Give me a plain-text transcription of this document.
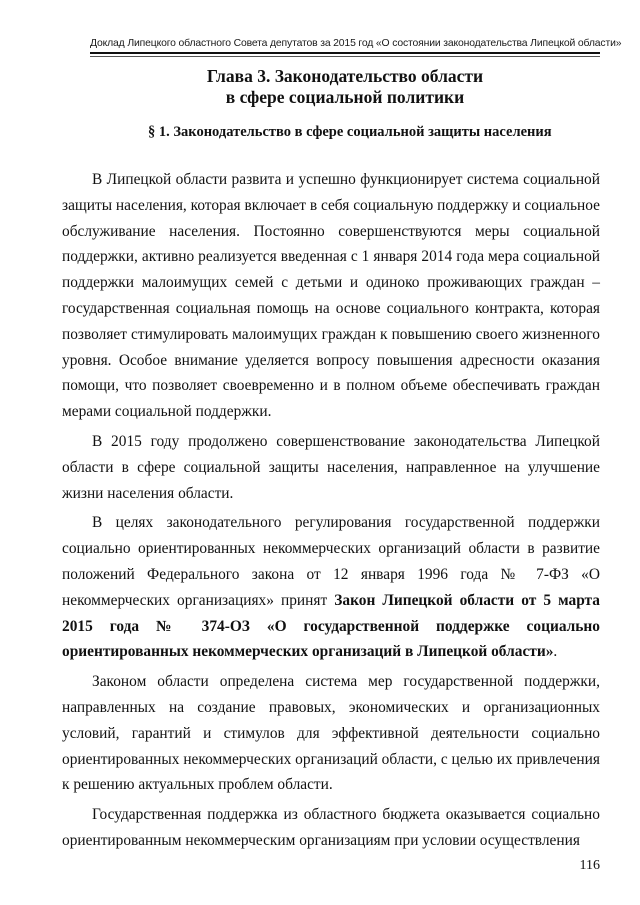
Доклад Липецкого областного Совета депутатов за 2015 год «О состоянии законодательства Липецкой области»
Глава 3. Законодательство области
в сфере социальной политики
§ 1. Законодательство в сфере социальной защиты населения

В Липецкой области развита и успешно функционирует система социальной защиты населения, которая включает в себя социальную поддержку и социальное обслуживание населения. Постоянно совершенствуются меры социальной поддержки, активно реализуется введенная с 1 января 2014 года мера социальной поддержки малоимущих семей с детьми и одиноко проживающих граждан – государственная социальная помощь на основе социального контракта, которая позволяет стимулировать малоимущих граждан к повышению своего жизненного уровня. Особое внимание уделяется вопросу повышения адресности оказания помощи, что позволяет своевременно и в полном объеме обеспечивать граждан мерами социальной поддержки.

В 2015 году продолжено совершенствование законодательства Липецкой области в сфере социальной защиты населения, направленное на улучшение жизни населения области.

В целях законодательного регулирования государственной поддержки социально ориентированных некоммерческих организаций области в развитие положений Федерального закона от 12 января 1996 года № 7-ФЗ «О некоммерческих организациях» принят Закон Липецкой области от 5 марта 2015 года № 374-ОЗ «О государственной поддержке социально ориентированных некоммерческих организаций в Липецкой области».

Законом области определена система мер государственной поддержки, направленных на создание правовых, экономических и организационных условий, гарантий и стимулов для эффективной деятельности социально ориентированных некоммерческих организаций области, с целью их привлечения к решению актуальных проблем области.

Государственная поддержка из областного бюджета оказывается социально ориентированным некоммерческим организациям при условии осуществления

116
